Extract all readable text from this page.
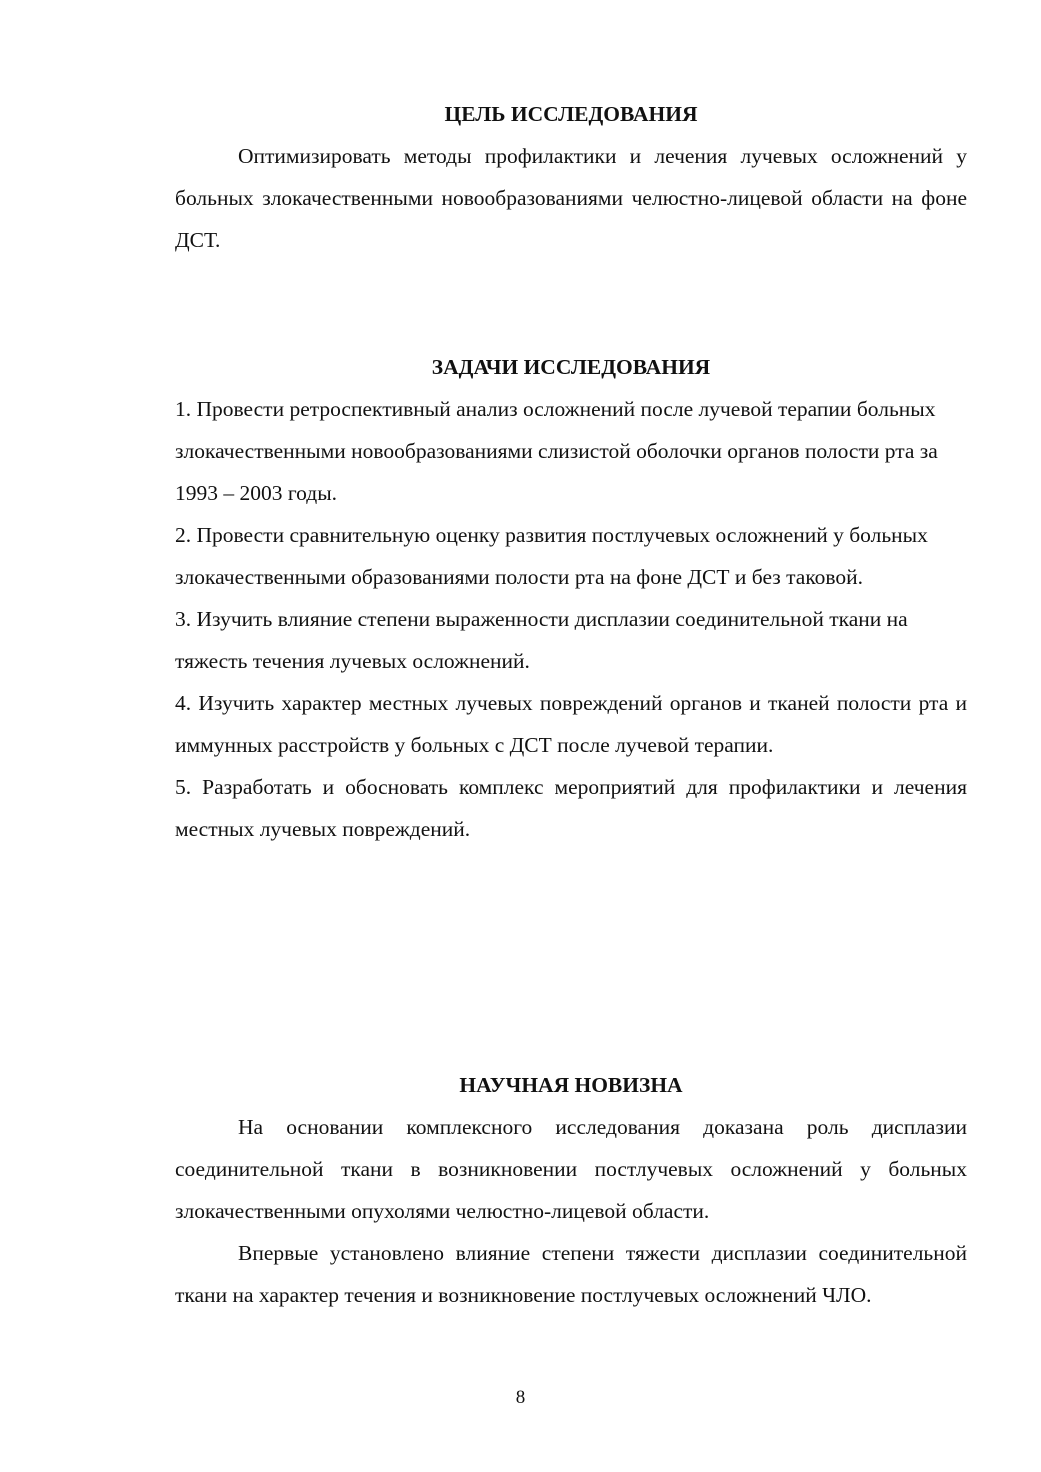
ЦЕЛЬ ИССЛЕДОВАНИЯ

Оптимизировать методы профилактики и лечения лучевых осложнений у больных злокачественными новообразованиями челюстно-лицевой области на фоне ДСТ.

ЗАДАЧИ ИССЛЕДОВАНИЯ

1. Провести ретроспективный анализ осложнений после лучевой терапии больных злокачественными новообразованиями слизистой оболочки органов полости рта за 1993 – 2003 годы.

2. Провести сравнительную оценку развития постлучевых осложнений у больных злокачественными образованиями полости рта на фоне ДСТ и без таковой.

3. Изучить влияние степени выраженности дисплазии соединительной ткани на тяжесть течения лучевых осложнений.

4. Изучить характер местных лучевых повреждений органов и тканей полости рта и иммунных расстройств у больных с ДСТ после лучевой терапии.

5. Разработать и обосновать комплекс мероприятий для профилактики и лечения местных лучевых повреждений.

НАУЧНАЯ НОВИЗНА

На основании комплексного исследования доказана роль дисплазии соединительной ткани в возникновении постлучевых осложнений у больных злокачественными опухолями челюстно-лицевой области.

Впервые установлено влияние степени тяжести дисплазии соединительной ткани на характер течения и возникновение постлучевых осложнений ЧЛО.

8
